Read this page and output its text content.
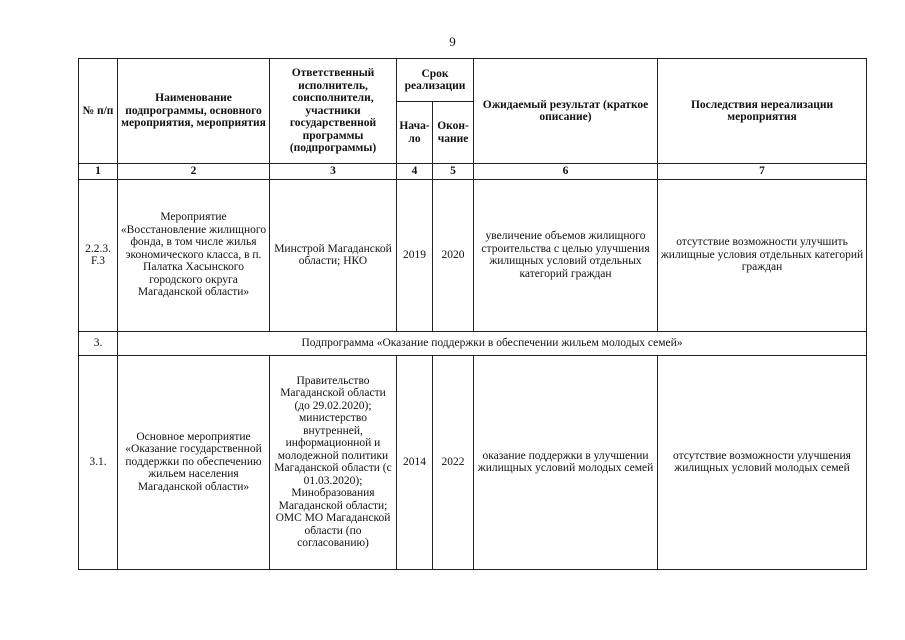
9
№ п/п	Наименование подпрограммы, основного мероприятия, мероприятия	Ответственный исполнитель, соисполнители, участники государственной программы (подпрограммы)	Срок реализации		Ожидаемый результат (краткое описание)	Последствия нереализации мероприятия
			Нача-ло	Окон-чание		
1	2	3	4	5	6	7
2.2.3. F.3	Мероприятие «Восстановление жилищного фонда, в том числе жилья экономического класса, в п. Палатка Хасынского городского округа Магаданской области»	Минстрой Магаданской области; НКО	2019	2020	увеличение объемов жилищного строительства с целью улучшения жилищных условий отдельных категорий граждан	отсутствие возможности улучшить жилищные условия отдельных категорий граждан
3.	Подпрограмма «Оказание поддержки в обеспечении жильем молодых семей»					
3.1.	Основное мероприятие «Оказание государственной поддержки по обеспечению жильем населения Магаданской области»	Правительство Магаданской области (до 29.02.2020); министерство внутренней, информационной и молодежной политики Магаданской области (с 01.03.2020); Минобразования Магаданской области; ОМС МО Магаданской области (по согласованию)	2014	2022	оказание поддержки в улучшении жилищных условий молодых семей	отсутствие возможности улучшения жилищных условий молодых семей
